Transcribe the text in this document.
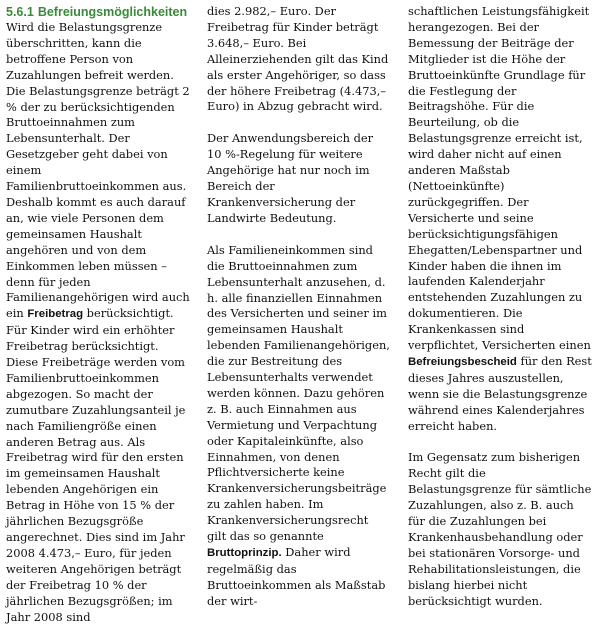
5.6.1 Befreiungsmöglichkeiten

Wird die Belastungsgrenze überschritten, kann die betroffene Person von Zuzahlungen befreit werden. Die Belastungsgrenze beträgt 2 % der zu berücksichtigenden Bruttoeinnahmen zum Lebensunterhalt. Der Gesetzgeber geht dabei von einem Familienbruttoeinkommen aus. Deshalb kommt es auch darauf an, wie viele Personen dem gemeinsamen Haushalt angehören und von dem Einkommen leben müssen – denn für jeden Familienangehörigen wird auch ein Freibetrag berücksichtigt. Für Kinder wird ein erhöhter Freibetrag berücksichtigt. Diese Freibeträge werden vom Familienbruttoeinkommen abgezogen. So macht der zumutbare Zuzahlungsanteil je nach Familiengröße einen anderen Betrag aus. Als Freibetrag wird für den ersten im gemeinsamen Haushalt lebenden Angehörigen ein Betrag in Höhe von 15 % der jährlichen Bezugsgröße angerechnet. Dies sind im Jahr 2008 4.473,– Euro, für jeden weiteren Angehörigen beträgt der Freibetrag 10 % der jährlichen Bezugsgrößen; im Jahr 2008 sind

dies 2.982,– Euro. Der Freibetrag für Kinder beträgt 3.648,– Euro. Bei Alleinerziehenden gilt das Kind als erster Angehöriger, so dass der höhere Freibetrag (4.473,– Euro) in Abzug gebracht wird.

Der Anwendungsbereich der 10 %-Regelung für weitere Angehörige hat nur noch im Bereich der Krankenversicherung der Landwirte Bedeutung.

Als Familieneinkommen sind die Bruttoeinnahmen zum Lebensunterhalt anzusehen, d. h. alle finanziellen Einnahmen des Versicherten und seiner im gemeinsamen Haushalt lebenden Familienangehörigen, die zur Bestreitung des Lebensunterhalts verwendet werden können. Dazu gehören z. B. auch Einnahmen aus Vermietung und Verpachtung oder Kapitaleinkünfte, also Einnahmen, von denen Pflichtversicherte keine Krankenversicherungsbeiträge zu zahlen haben. Im Krankenversicherungsrecht gilt das so genannte Bruttoprinzip. Daher wird regelmäßig das Bruttoeinkommen als Maßstab der wirt-

schaftlichen Leistungsfähigkeit herangezogen. Bei der Bemessung der Beiträge der Mitglieder ist die Höhe der Bruttoeinkünfte Grundlage für die Festlegung der Beitragshöhe. Für die Beurteilung, ob die Belastungsgrenze erreicht ist, wird daher nicht auf einen anderen Maßstab (Nettoeinkünfte) zurückgegriffen. Der Versicherte und seine berücksichtigungsfähigen Ehegatten/Lebenspartner und Kinder haben die ihnen im laufenden Kalenderjahr entstehenden Zuzahlungen zu dokumentieren. Die Krankenkassen sind verpflichtet, Versicherten einen Befreiungsbescheid für den Rest dieses Jahres auszustellen, wenn sie die Belastungsgrenze während eines Kalenderjahres erreicht haben.

Im Gegensatz zum bisherigen Recht gilt die Belastungsgrenze für sämtliche Zuzahlungen, also z. B. auch für die Zuzahlungen bei Krankenhausbehandlung oder bei stationären Vorsorge- und Rehabilitationsleistungen, die bislang hierbei nicht berücksichtigt wurden.
